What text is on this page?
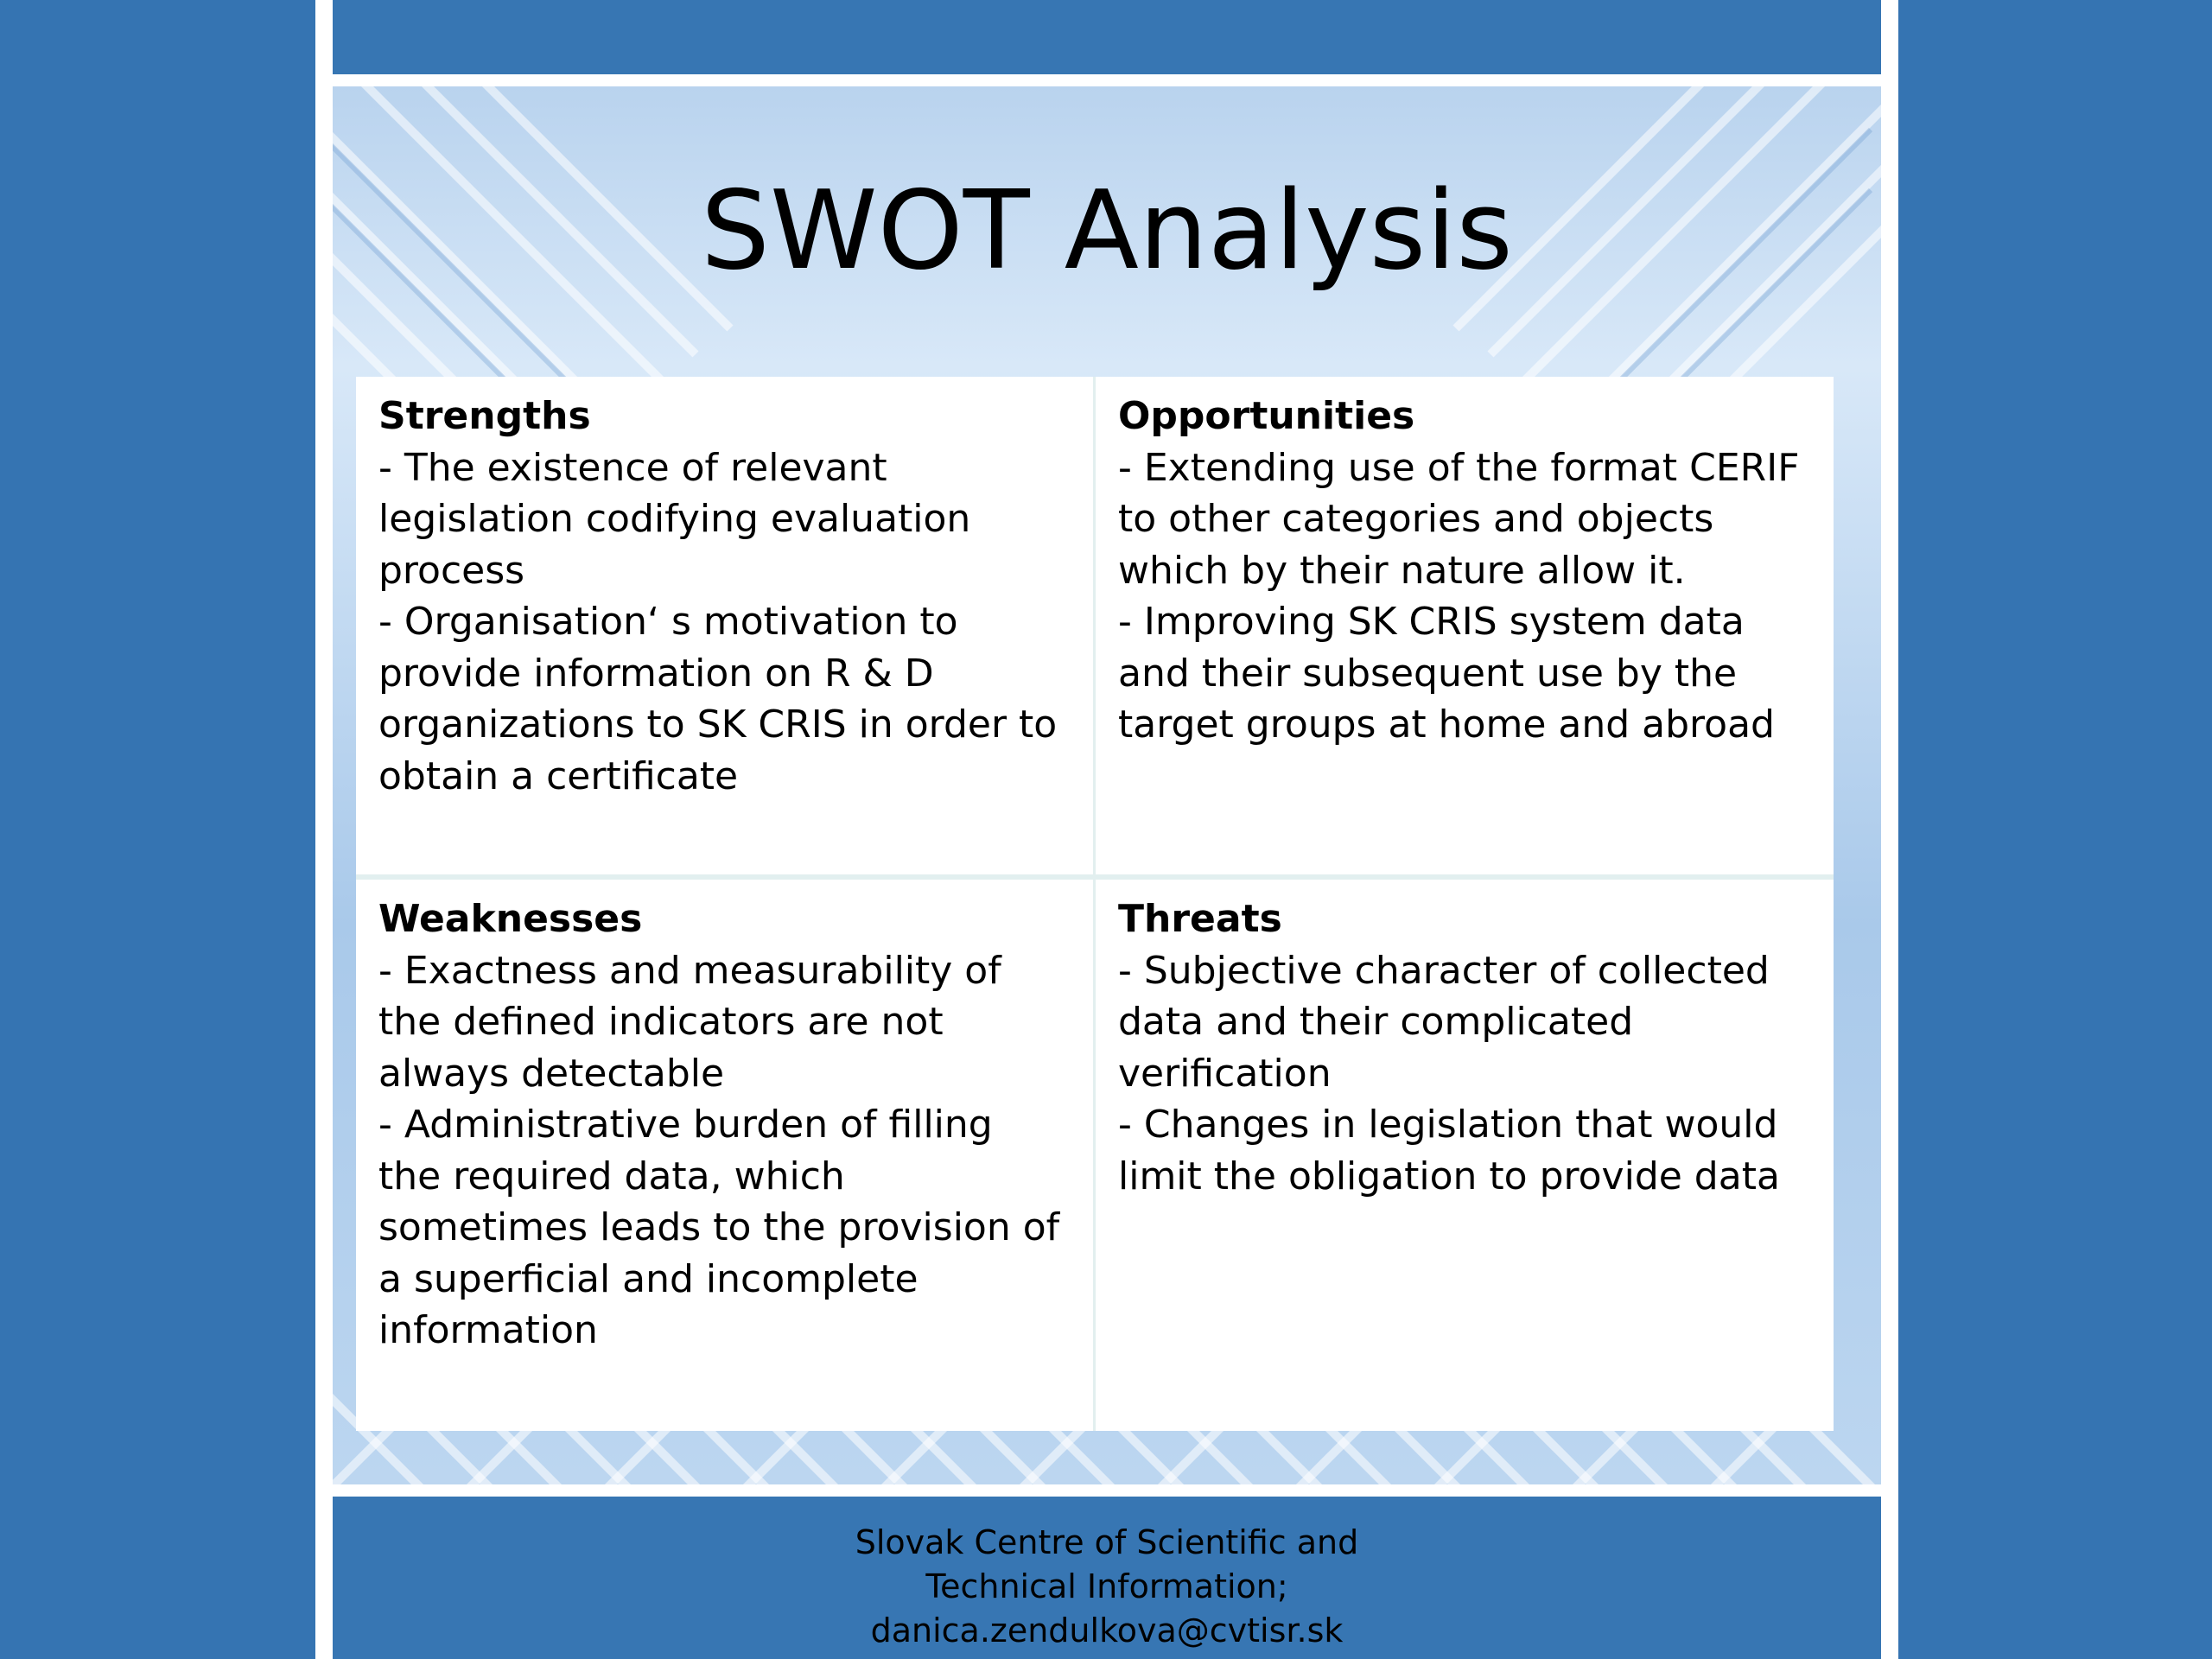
SWOT Analysis
Strengths
- The existence of relevant
legislation codifying evaluation
process
- Organisation‘ s motivation to
provide information on R & D
organizations to SK CRIS in order to
obtain a certificate
Opportunities
- Extending use of the format CERIF
to other categories and objects
which by their nature allow it.
- Improving SK CRIS system data
and their subsequent use by the
target groups at home and abroad
Weaknesses
- Exactness and measurability of
the defined indicators are not
always detectable
- Administrative burden of filling
the required data, which
sometimes leads to the provision of
a superficial and incomplete
information
Threats
- Subjective character of collected
data and their complicated
verification
- Changes in legislation that would
limit the obligation to provide data
Slovak Centre of Scientific and
Technical Information;
danica.zendulkova@cvtisr.sk
